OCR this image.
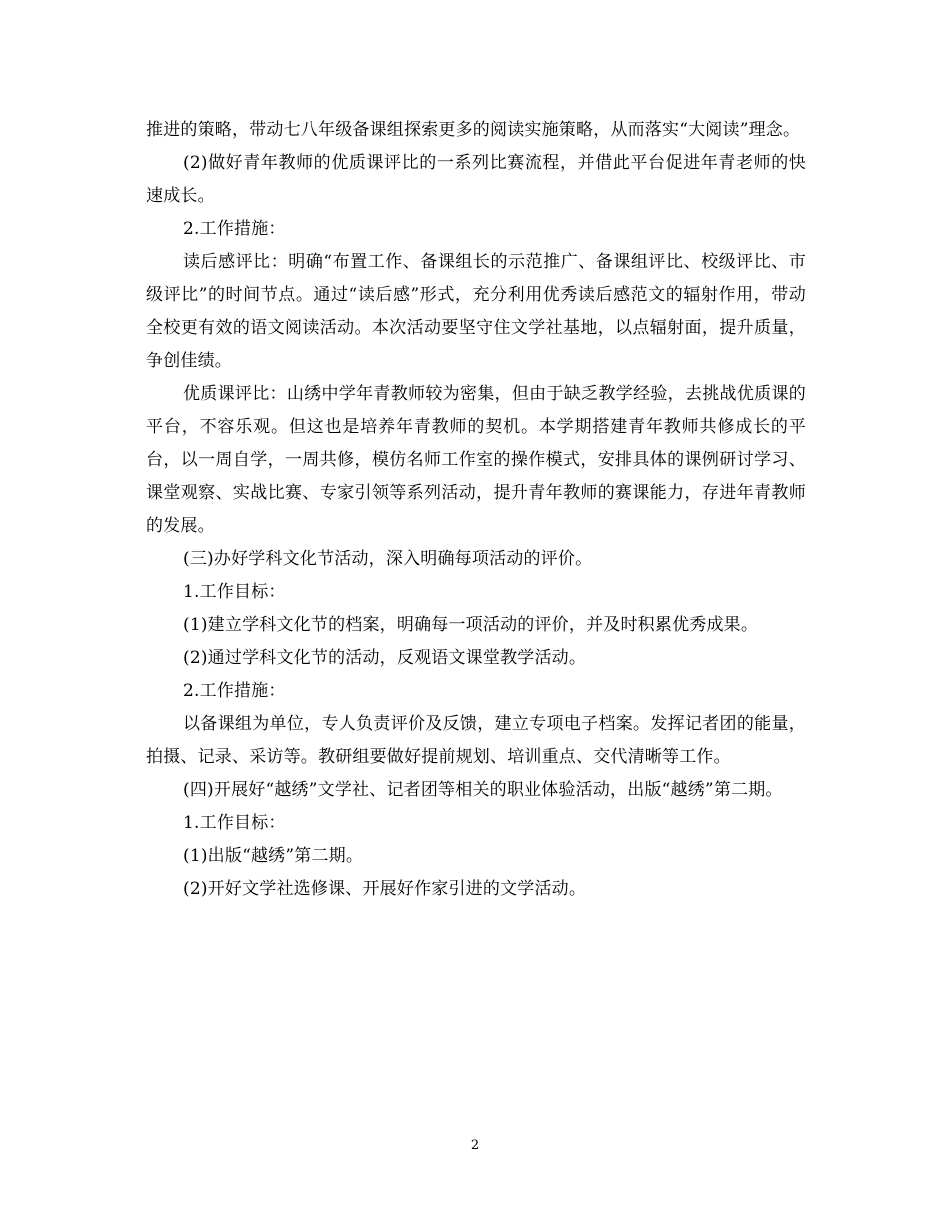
推进的策略，带动七八年级备课组探索更多的阅读实施策略，从而落实“大阅读”理念。

(2)做好青年教师的优质课评比的一系列比赛流程，并借此平台促进年青老师的快速成长。

2.工作措施：

读后感评比：明确“布置工作、备课组长的示范推广、备课组评比、校级评比、市级评比”的时间节点。通过“读后感”形式，充分利用优秀读后感范文的辐射作用，带动全校更有效的语文阅读活动。本次活动要坚守住文学社基地，以点辐射面，提升质量，争创佳绩。

优质课评比：山绣中学年青教师较为密集，但由于缺乏教学经验，去挑战优质课的平台，不容乐观。但这也是培养年青教师的契机。本学期搭建青年教师共修成长的平台，以一周自学，一周共修，模仿名师工作室的操作模式，安排具体的课例研讨学习、课堂观察、实战比赛、专家引领等系列活动，提升青年教师的赛课能力，存进年青教师的发展。

(三)办好学科文化节活动，深入明确每项活动的评价。

1.工作目标：

(1)建立学科文化节的档案，明确每一项活动的评价，并及时积累优秀成果。

(2)通过学科文化节的活动，反观语文课堂教学活动。

2.工作措施：

以备课组为单位，专人负责评价及反馈，建立专项电子档案。发挥记者团的能量，拍摄、记录、采访等。教研组要做好提前规划、培训重点、交代清晰等工作。

(四)开展好“越绣”文学社、记者团等相关的职业体验活动，出版“越绣”第二期。

1.工作目标：

(1)出版“越绣”第二期。

(2)开好文学社选修课、开展好作家引进的文学活动。

2
